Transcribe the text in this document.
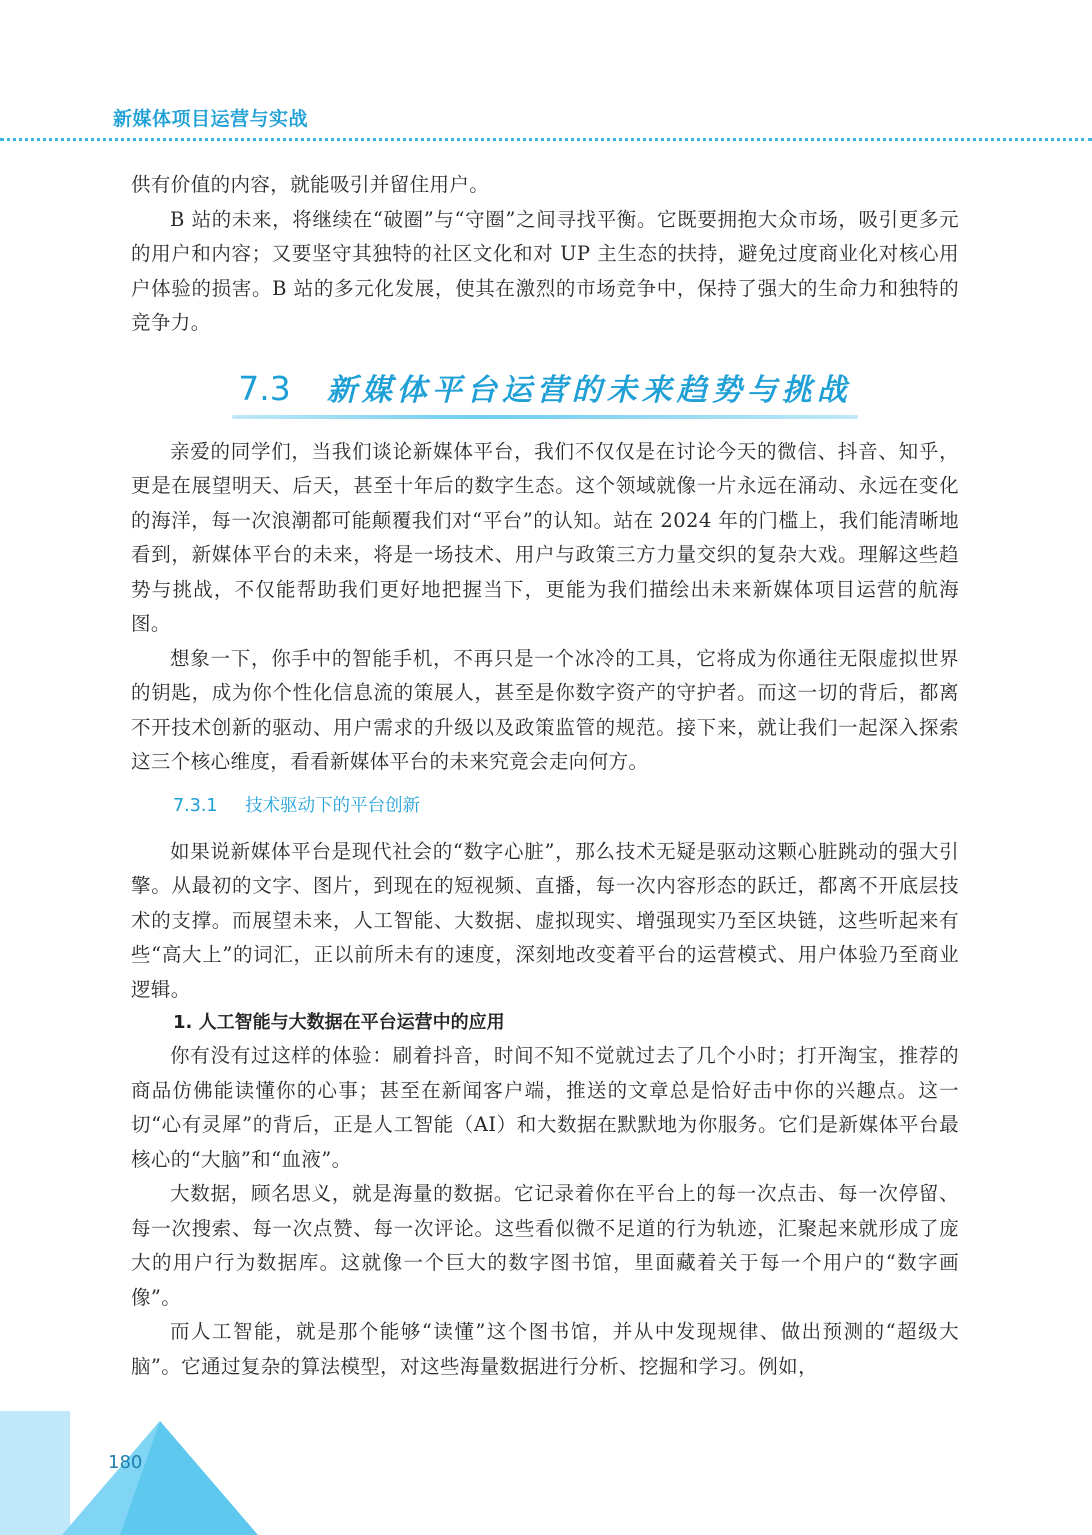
新媒体项目运营与实战

供有价值的内容，就能吸引并留住用户。

B 站的未来，将继续在“破圈”与“守圈”之间寻找平衡。它既要拥抱大众市场，吸引更多元的用户和内容；又要坚守其独特的社区文化和对 UP 主生态的扶持，避免过度商业化对核心用户体验的损害。B 站的多元化发展，使其在激烈的市场竞争中，保持了强大的生命力和独特的竞争力。

7.3 新媒体平台运营的未来趋势与挑战

亲爱的同学们，当我们谈论新媒体平台，我们不仅仅是在讨论今天的微信、抖音、知乎，更是在展望明天、后天，甚至十年后的数字生态。这个领域就像一片永远在涌动、永远在变化的海洋，每一次浪潮都可能颠覆我们对“平台”的认知。站在 2024 年的门槛上，我们能清晰地看到，新媒体平台的未来，将是一场技术、用户与政策三方力量交织的复杂大戏。理解这些趋势与挑战，不仅能帮助我们更好地把握当下，更能为我们描绘出未来新媒体项目运营的航海图。

想象一下，你手中的智能手机，不再只是一个冰冷的工具，它将成为你通往无限虚拟世界的钥匙，成为你个性化信息流的策展人，甚至是你数字资产的守护者。而这一切的背后，都离不开技术创新的驱动、用户需求的升级以及政策监管的规范。接下来，就让我们一起深入探索这三个核心维度，看看新媒体平台的未来究竟会走向何方。

7.3.1 技术驱动下的平台创新

如果说新媒体平台是现代社会的“数字心脏”，那么技术无疑是驱动这颗心脏跳动的强大引擎。从最初的文字、图片，到现在的短视频、直播，每一次内容形态的跃迁，都离不开底层技术的支撑。而展望未来，人工智能、大数据、虚拟现实、增强现实乃至区块链，这些听起来有些“高大上”的词汇，正以前所未有的速度，深刻地改变着平台的运营模式、用户体验乃至商业逻辑。

1. 人工智能与大数据在平台运营中的应用

你有没有过这样的体验：刷着抖音，时间不知不觉就过去了几个小时；打开淘宝，推荐的商品仿佛能读懂你的心事；甚至在新闻客户端，推送的文章总是恰好击中你的兴趣点。这一切“心有灵犀”的背后，正是人工智能（AI）和大数据在默默地为你服务。它们是新媒体平台最核心的“大脑”和“血液”。

大数据，顾名思义，就是海量的数据。它记录着你在平台上的每一次点击、每一次停留、每一次搜索、每一次点赞、每一次评论。这些看似微不足道的行为轨迹，汇聚起来就形成了庞大的用户行为数据库。这就像一个巨大的数字图书馆，里面藏着关于每一个用户的“数字画像”。

而人工智能，就是那个能够“读懂”这个图书馆，并从中发现规律、做出预测的“超级大脑”。它通过复杂的算法模型，对这些海量数据进行分析、挖掘和学习。例如，

180
